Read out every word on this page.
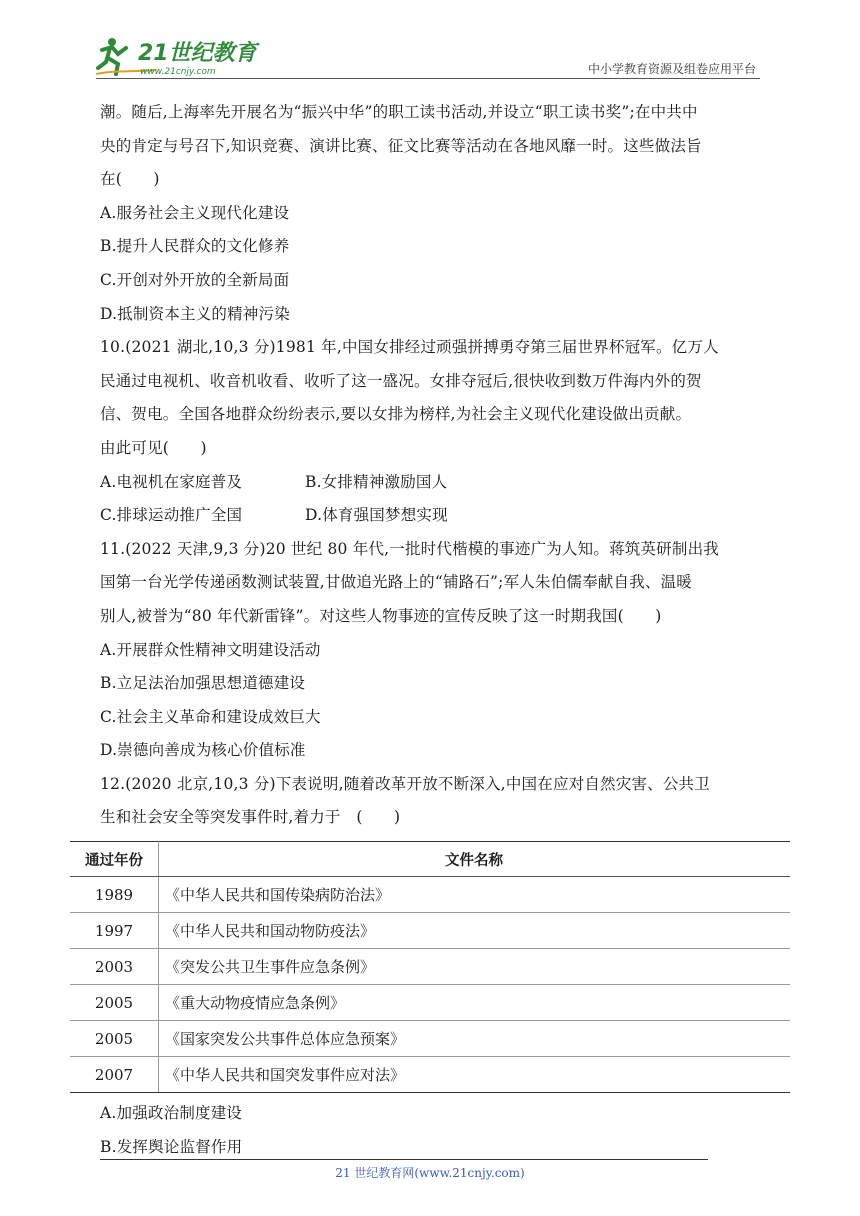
21世纪教育
www.21cnjy.com	中小学教育资源及组卷应用平台
潮。随后,上海率先开展名为“振兴中华”的职工读书活动,并设立“职工读书奖”;在中共中
央的肯定与号召下,知识竞赛、演讲比赛、征文比赛等活动在各地风靡一时。这些做法旨
在(　　)
A.服务社会主义现代化建设
B.提升人民群众的文化修养
C.开创对外开放的全新局面
D.抵制资本主义的精神污染
10.(2021 湖北,10,3 分)1981 年,中国女排经过顽强拼搏勇夺第三届世界杯冠军。亿万人
民通过电视机、收音机收看、收听了这一盛况。女排夺冠后,很快收到数万件海内外的贺
信、贺电。全国各地群众纷纷表示,要以女排为榜样,为社会主义现代化建设做出贡献。
由此可见(　　)
A.电视机在家庭普及	B.女排精神激励国人
C.排球运动推广全国	D.体育强国梦想实现
11.(2022 天津,9,3 分)20 世纪 80 年代,一批时代楷模的事迹广为人知。蒋筑英研制出我
国第一台光学传递函数测试装置,甘做追光路上的“铺路石”;军人朱伯儒奉献自我、温暖
别人,被誉为“80 年代新雷锋”。对这些人物事迹的宣传反映了这一时期我国(　　)
A.开展群众性精神文明建设活动
B.立足法治加强思想道德建设
C.社会主义革命和建设成效巨大
D.崇德向善成为核心价值标准
12.(2020 北京,10,3 分)下表说明,随着改革开放不断深入,中国在应对自然灾害、公共卫
生和社会安全等突发事件时,着力于　(　　)
通过年份	文件名称
1989	《中华人民共和国传染病防治法》
1997	《中华人民共和国动物防疫法》
2003	《突发公共卫生事件应急条例》
2005	《重大动物疫情应急条例》
2005	《国家突发公共事件总体应急预案》
2007	《中华人民共和国突发事件应对法》
A.加强政治制度建设
B.发挥舆论监督作用
21 世纪教育网(www.21cnjy.com)
